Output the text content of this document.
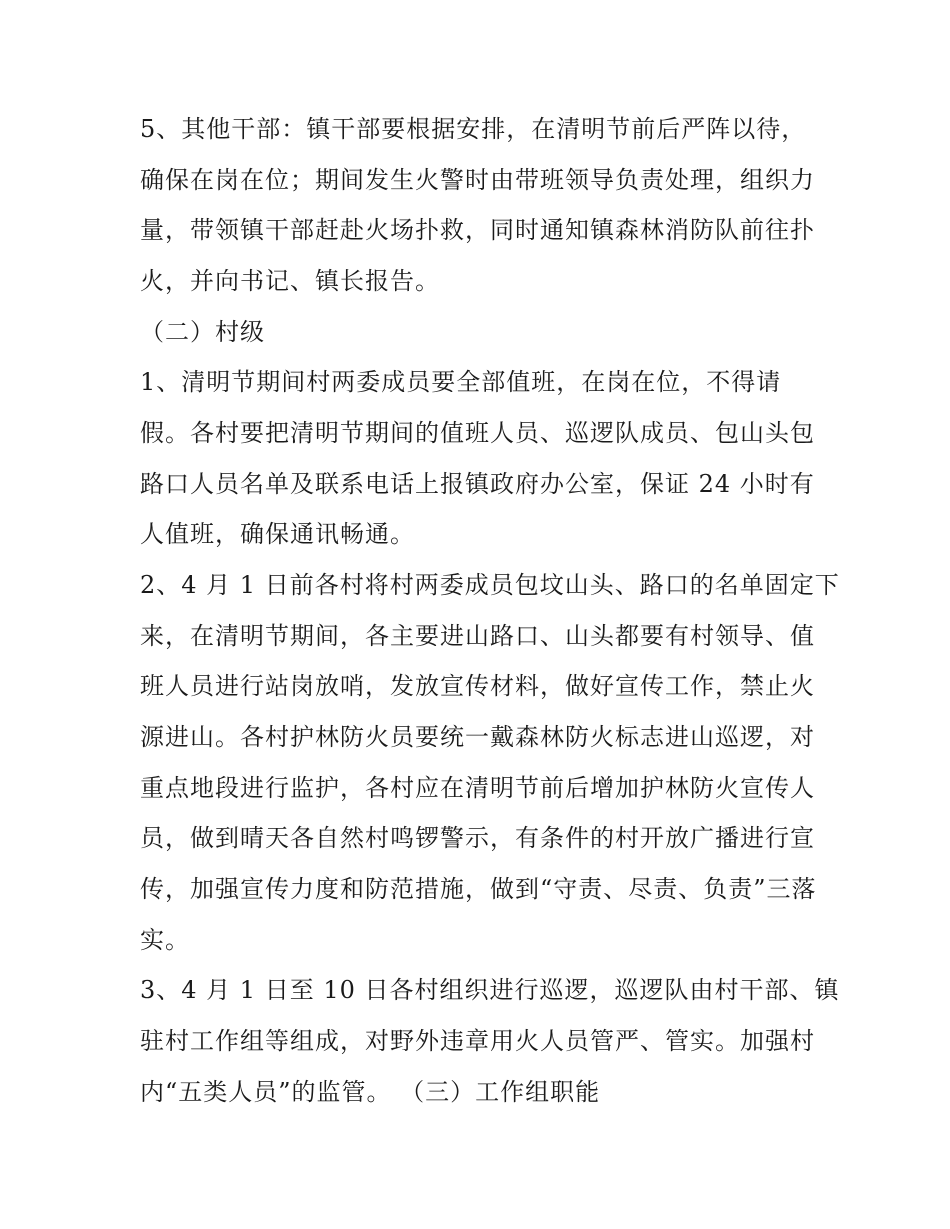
5、其他干部：镇干部要根据安排，在清明节前后严阵以待，
确保在岗在位；期间发生火警时由带班领导负责处理，组织力
量，带领镇干部赶赴火场扑救，同时通知镇森林消防队前往扑
火，并向书记、镇长报告。
（二）村级
1、清明节期间村两委成员要全部值班，在岗在位，不得请
假。各村要把清明节期间的值班人员、巡逻队成员、包山头包
路口人员名单及联系电话上报镇政府办公室，保证 24 小时有
人值班，确保通讯畅通。
2、4 月 1 日前各村将村两委成员包坟山头、路口的名单固定下
来，在清明节期间，各主要进山路口、山头都要有村领导、值
班人员进行站岗放哨，发放宣传材料，做好宣传工作，禁止火
源进山。各村护林防火员要统一戴森林防火标志进山巡逻，对
重点地段进行监护，各村应在清明节前后增加护林防火宣传人
员，做到晴天各自然村鸣锣警示，有条件的村开放广播进行宣
传，加强宣传力度和防范措施，做到“守责、尽责、负责”三落
实。
3、4 月 1 日至 10 日各村组织进行巡逻，巡逻队由村干部、镇
驻村工作组等组成，对野外违章用火人员管严、管实。加强村
内“五类人员”的监管。 （三）工作组职能
